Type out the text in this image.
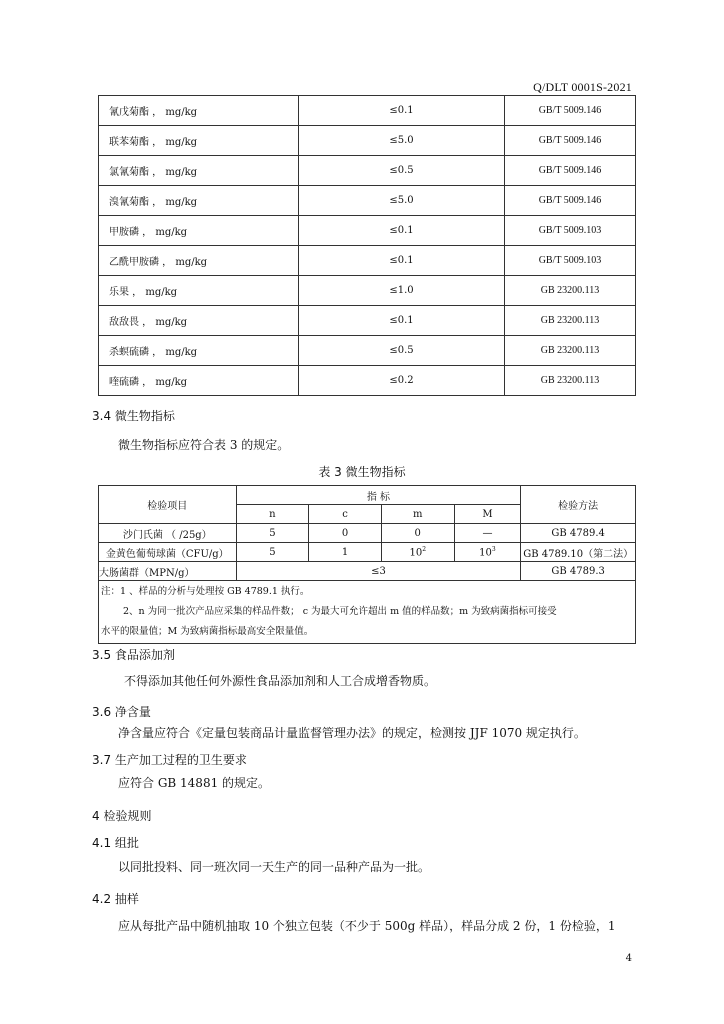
Q/DLT 0001S-2021
氰戊菊酯 ， mg/kg	≤0.1	GB/T 5009.146
联苯菊酯 ， mg/kg	≤5.0	GB/T 5009.146
氯氰菊酯 ， mg/kg	≤0.5	GB/T 5009.146
溴氰菊酯 ， mg/kg	≤5.0	GB/T 5009.146
甲胺磷 ， mg/kg	≤0.1	GB/T 5009.103
乙酰甲胺磷 ， mg/kg	≤0.1	GB/T 5009.103
乐果 ， mg/kg	≤1.0	GB 23200.113
敌敌畏 ， mg/kg	≤0.1	GB 23200.113
杀螟硫磷 ， mg/kg	≤0.5	GB 23200.113
喹硫磷 ， mg/kg	≤0.2	GB 23200.113
3.4 微生物指标
微生物指标应符合表 3 的规定。
表 3 微生物指标
检验项目	指 标				检验方法
	n	c	m	M	
沙门氏菌 （ /25g）	5	0	0	—	GB 4789.4
金黄色葡萄球菌（CFU/g）	5	1	$10^2$	$10^3$	GB 4789.10（第二法）
大肠菌群（MPN/g）	≤3				GB 4789.3

注：1 、样品的分析与处理按 GB 4789.1 执行。
2、n 为同一批次产品应采集的样品件数； c 为最大可允许超出 m 值的样品数；m 为致病菌指标可接受
水平的限量值；M 为致病菌指标最高安全限量值。					
3.5 食品添加剂
不得添加其他任何外源性食品添加剂和人工合成增香物质。
3.6 净含量
净含量应符合《定量包装商品计量监督管理办法》的规定，检测按 JJF 1070 规定执行。
3.7 生产加工过程的卫生要求
应符合 GB 14881 的规定。
4 检验规则
4.1 组批
以同批投料、同一班次同一天生产的同一品种产品为一批。
4.2 抽样
应从每批产品中随机抽取 10 个独立包装（不少于 500g 样品），样品分成 2 份，1 份检验，1
4
